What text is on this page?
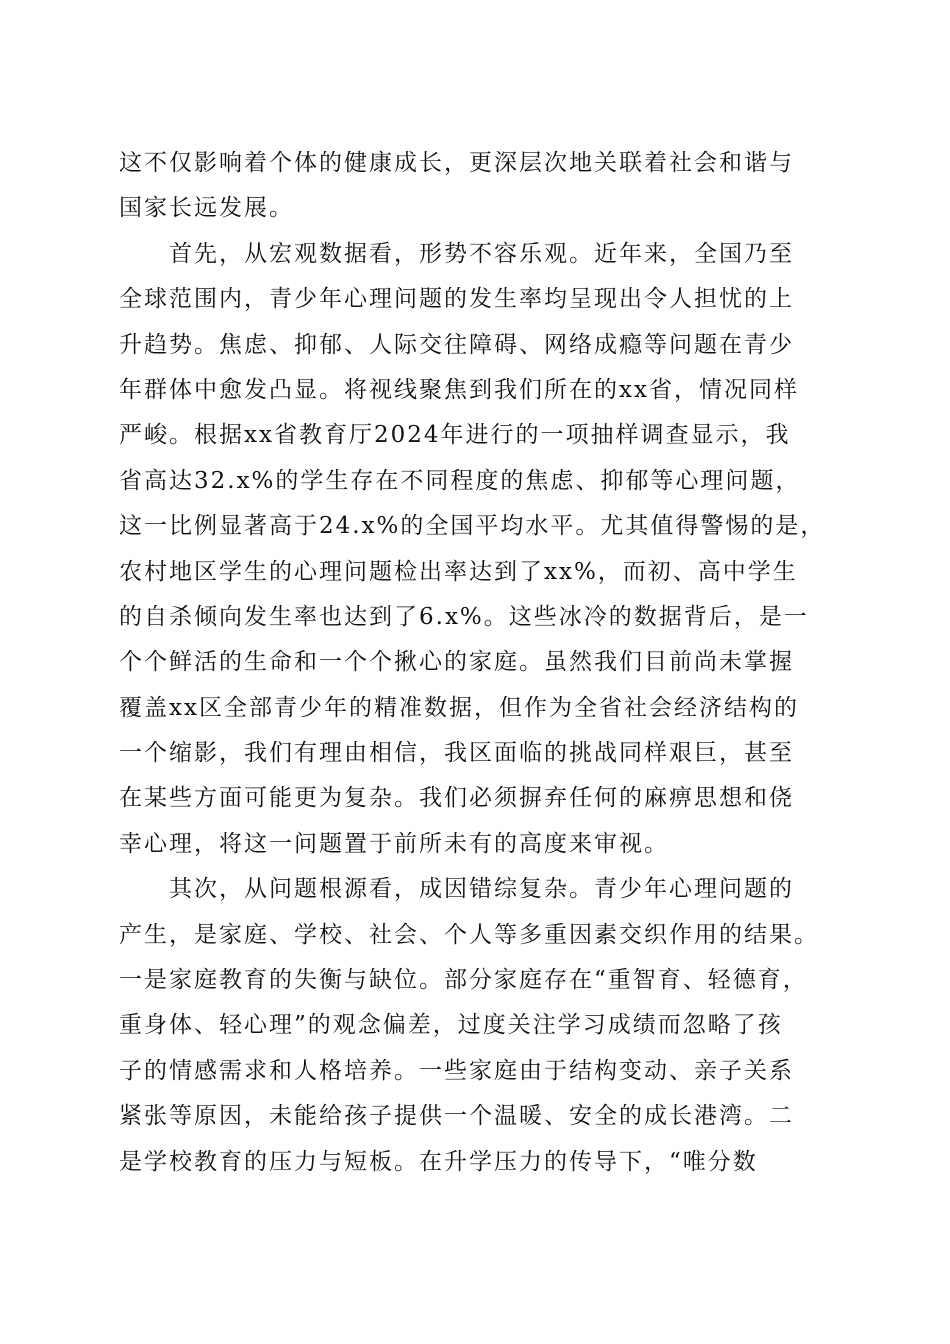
这不仅影响着个体的健康成长，更深层次地关联着社会和谐与
国家长远发展。
首先，从宏观数据看，形势不容乐观。近年来，全国乃至
全球范围内，青少年心理问题的发生率均呈现出令人担忧的上
升趋势。焦虑、抑郁、人际交往障碍、网络成瘾等问题在青少
年群体中愈发凸显。将视线聚焦到我们所在的xx省，情况同样
严峻。根据xx省教育厅2024年进行的一项抽样调查显示，我
省高达32.x%的学生存在不同程度的焦虑、抑郁等心理问题，
这一比例显著高于24.x%的全国平均水平。尤其值得警惕的是，
农村地区学生的心理问题检出率达到了xx%，而初、高中学生
的自杀倾向发生率也达到了6.x%。这些冰冷的数据背后，是一
个个鲜活的生命和一个个揪心的家庭。虽然我们目前尚未掌握
覆盖xx区全部青少年的精准数据，但作为全省社会经济结构的
一个缩影，我们有理由相信，我区面临的挑战同样艰巨，甚至
在某些方面可能更为复杂。我们必须摒弃任何的麻痹思想和侥
幸心理，将这一问题置于前所未有的高度来审视。
其次，从问题根源看，成因错综复杂。青少年心理问题的
产生，是家庭、学校、社会、个人等多重因素交织作用的结果。
一是家庭教育的失衡与缺位。部分家庭存在“重智育、轻德育，
重身体、轻心理”的观念偏差，过度关注学习成绩而忽略了孩
子的情感需求和人格培养。一些家庭由于结构变动、亲子关系
紧张等原因，未能给孩子提供一个温暖、安全的成长港湾。二
是学校教育的压力与短板。在升学压力的传导下，“唯分数
